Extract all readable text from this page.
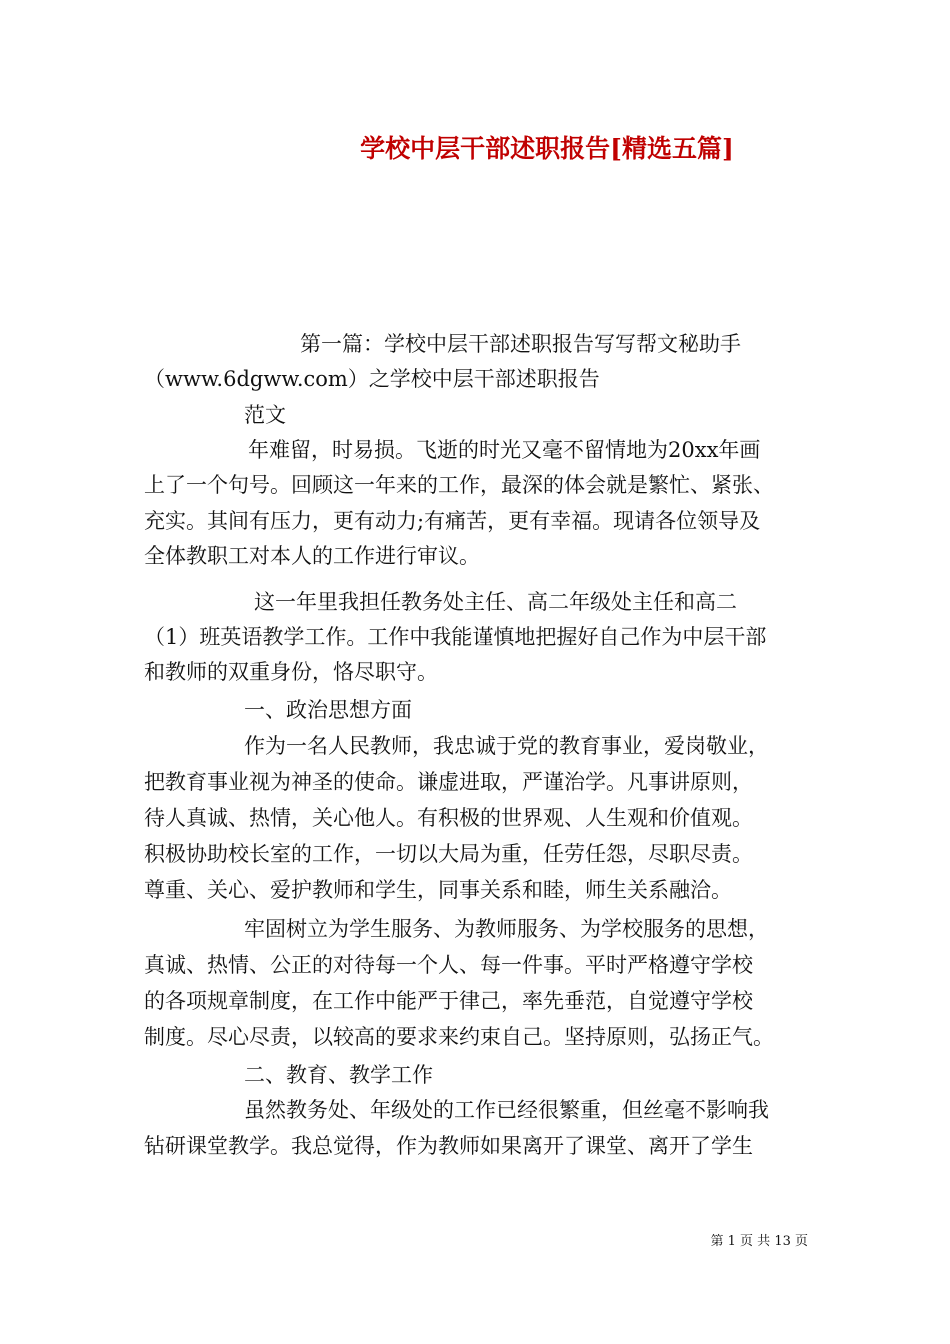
学校中层干部述职报告[精选五篇]
第一篇：学校中层干部述职报告写写帮文秘助手
（www.6dgww.com）之学校中层干部述职报告
范文
年难留，时易损。飞逝的时光又毫不留情地为20xx年画
上了一个句号。回顾这一年来的工作，最深的体会就是繁忙、紧张、
充实。其间有压力，更有动力;有痛苦，更有幸福。现请各位领导及
全体教职工对本人的工作进行审议。
这一年里我担任教务处主任、高二年级处主任和高二
（1）班英语教学工作。工作中我能谨慎地把握好自己作为中层干部
和教师的双重身份，恪尽职守。
一、政治思想方面
作为一名人民教师，我忠诚于党的教育事业，爱岗敬业，
把教育事业视为神圣的使命。谦虚进取，严谨治学。凡事讲原则，
待人真诚、热情，关心他人。有积极的世界观、人生观和价值观。
积极协助校长室的工作，一切以大局为重，任劳任怨，尽职尽责。
尊重、关心、爱护教师和学生，同事关系和睦，师生关系融洽。
牢固树立为学生服务、为教师服务、为学校服务的思想，
真诚、热情、公正的对待每一个人、每一件事。平时严格遵守学校
的各项规章制度，在工作中能严于律己，率先垂范，自觉遵守学校
制度。尽心尽责，以较高的要求来约束自己。坚持原则，弘扬正气。
二、教育、教学工作
虽然教务处、年级处的工作已经很繁重，但丝毫不影响我
钻研课堂教学。我总觉得，作为教师如果离开了课堂、离开了学生
第 1 页 共 13 页
